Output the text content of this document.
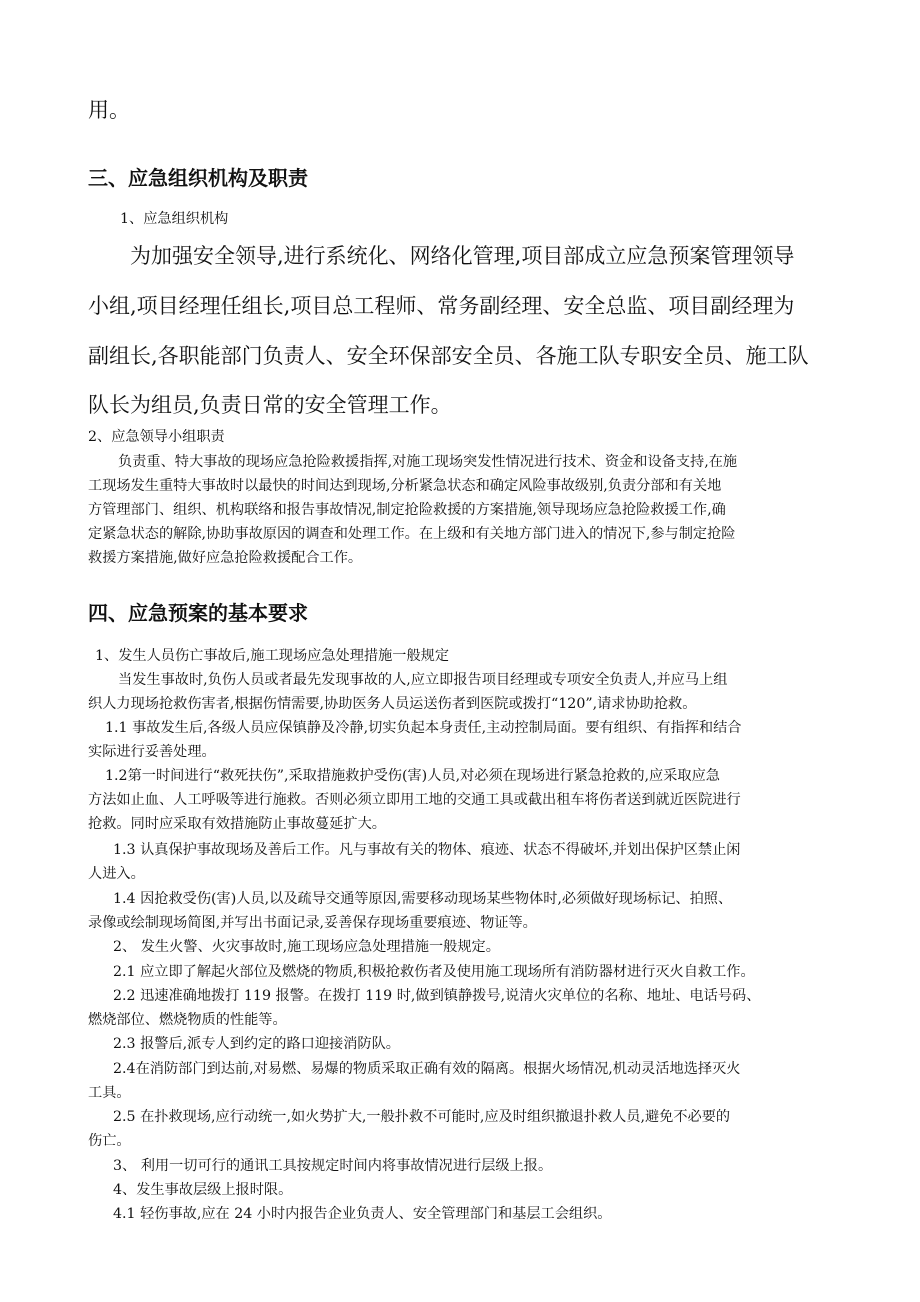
用。

三、应急组织机构及职责

1、应急组织机构

为加强安全领导,进行系统化、网络化管理,项目部成立应急预案管理领导

小组,项目经理任组长,项目总工程师、常务副经理、安全总监、项目副经理为

副组长,各职能部门负责人、安全环保部安全员、各施工队专职安全员、施工队

队长为组员,负责日常的安全管理工作。

2、应急领导小组职责

负责重、特大事故的现场应急抢险救援指挥,对施工现场突发性情况进行技术、资金和设备支持,在施

工现场发生重特大事故时以最快的时间达到现场,分析紧急状态和确定风险事故级别,负责分部和有关地

方管理部门、组织、机构联络和报告事故情况,制定抢险救援的方案措施,领导现场应急抢险救援工作,确

定紧急状态的解除,协助事故原因的调查和处理工作。在上级和有关地方部门进入的情况下,参与制定抢险

救援方案措施,做好应急抢险救援配合工作。

四、应急预案的基本要求

1、发生人员伤亡事故后,施工现场应急处理措施一般规定

当发生事故时,负伤人员或者最先发现事故的人,应立即报告项目经理或专项安全负责人,并应马上组

织人力现场抢救伤害者,根据伤情需要,协助医务人员运送伤者到医院或拨打“120”,请求协助抢救。

1.1 事故发生后,各级人员应保镇静及冷静,切实负起本身责任,主动控制局面。要有组织、有指挥和结合

实际进行妥善处理。

1.2第一时间进行“救死扶伤”,采取措施救护受伤(害)人员,对必须在现场进行紧急抢救的,应采取应急

方法如止血、人工呼吸等进行施救。否则必须立即用工地的交通工具或截出租车将伤者送到就近医院进行

抢救。同时应采取有效措施防止事故蔓延扩大。

1.3 认真保护事故现场及善后工作。凡与事故有关的物体、痕迹、状态不得破坏,并划出保护区禁止闲

人进入。

1.4 因抢救受伤(害)人员,以及疏导交通等原因,需要移动现场某些物体时,必须做好现场标记、拍照、

录像或绘制现场简图,并写出书面记录,妥善保存现场重要痕迹、物证等。

2、 发生火警、火灾事故时,施工现场应急处理措施一般规定。

2.1 应立即了解起火部位及燃烧的物质,积极抢救伤者及使用施工现场所有消防器材进行灭火自救工作。

2.2 迅速准确地拨打 119 报警。在拨打 119 时,做到镇静拨号,说清火灾单位的名称、地址、电话号码、

燃烧部位、燃烧物质的性能等。

2.3 报警后,派专人到约定的路口迎接消防队。

2.4在消防部门到达前,对易燃、易爆的物质采取正确有效的隔离。根据火场情况,机动灵活地选择灭火

工具。

2.5 在扑救现场,应行动统一,如火势扩大,一般扑救不可能时,应及时组织撤退扑救人员,避免不必要的

伤亡。

3、 利用一切可行的通讯工具按规定时间内将事故情况进行层级上报。

4、发生事故层级上报时限。

4.1 轻伤事故,应在 24 小时内报告企业负责人、安全管理部门和基层工会组织。
